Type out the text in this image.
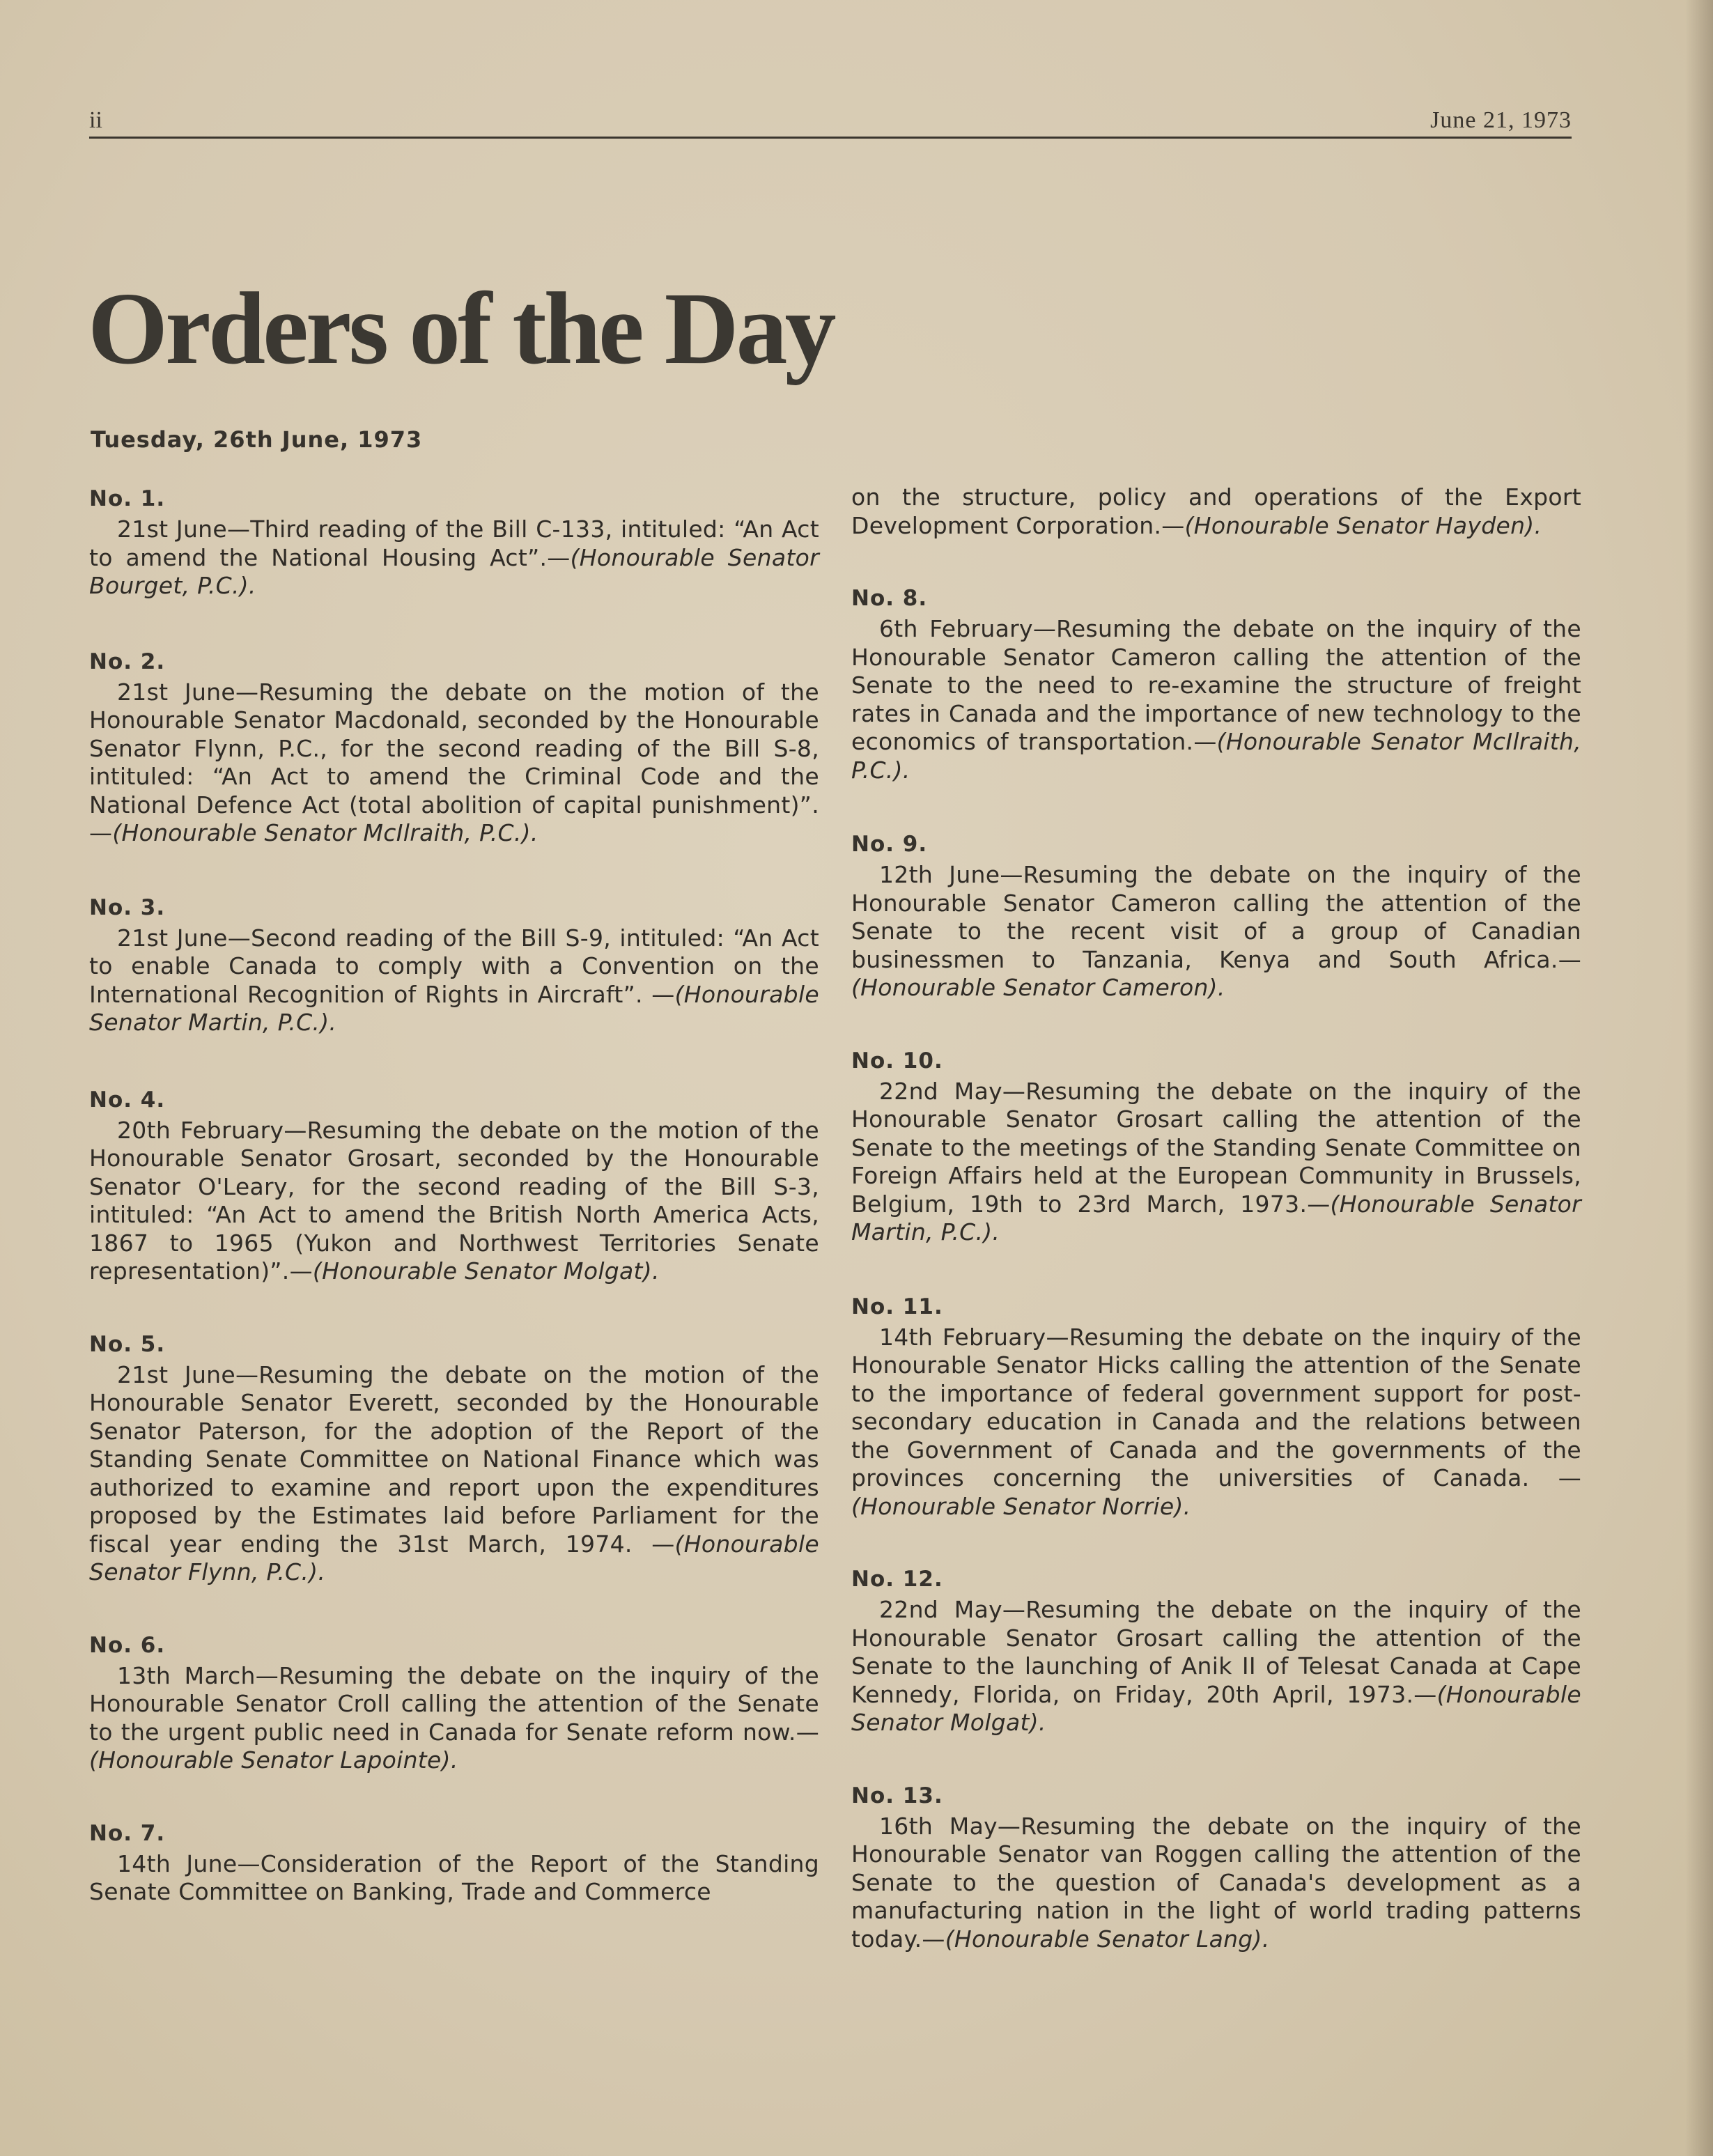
ii	June 21, 1973
Orders of the Day
Tuesday, 26th June, 1973
No. 1.
21st June—Third reading of the Bill C-133, intituled: “An Act to amend the National Housing Act”.—(Honourable Senator Bourget, P.C.).
No. 2.
21st June—Resuming the debate on the motion of the Honourable Senator Macdonald, seconded by the Honourable Senator Flynn, P.C., for the second reading of the Bill S-8, intituled: “An Act to amend the Criminal Code and the National Defence Act (total abolition of capital punishment)”.—(Honourable Senator McIlraith, P.C.).
No. 3.
21st June—Second reading of the Bill S-9, intituled: “An Act to enable Canada to comply with a Convention on the International Recognition of Rights in Aircraft”. —(Honourable Senator Martin, P.C.).
No. 4.
20th February—Resuming the debate on the motion of the Honourable Senator Grosart, seconded by the Honourable Senator O'Leary, for the second reading of the Bill S-3, intituled: “An Act to amend the British North America Acts, 1867 to 1965 (Yukon and Northwest Territories Senate representation)”.—(Honourable Senator Molgat).
No. 5.
21st June—Resuming the debate on the motion of the Honourable Senator Everett, seconded by the Honourable Senator Paterson, for the adoption of the Report of the Standing Senate Committee on National Finance which was authorized to examine and report upon the expenditures proposed by the Estimates laid before Parliament for the fiscal year ending the 31st March, 1974. —(Honourable Senator Flynn, P.C.).
No. 6.
13th March—Resuming the debate on the inquiry of the Honourable Senator Croll calling the attention of the Senate to the urgent public need in Canada for Senate reform now.—(Honourable Senator Lapointe).
No. 7.
14th June—Consideration of the Report of the Standing Senate Committee on Banking, Trade and Commerce
on the structure, policy and operations of the Export Development Corporation.—(Honourable Senator Hayden).
No. 8.
6th February—Resuming the debate on the inquiry of the Honourable Senator Cameron calling the attention of the Senate to the need to re-examine the structure of freight rates in Canada and the importance of new technology to the economics of transportation.—(Honourable Senator McIlraith, P.C.).
No. 9.
12th June—Resuming the debate on the inquiry of the Honourable Senator Cameron calling the attention of the Senate to the recent visit of a group of Canadian businessmen to Tanzania, Kenya and South Africa.—(Honourable Senator Cameron).
No. 10.
22nd May—Resuming the debate on the inquiry of the Honourable Senator Grosart calling the attention of the Senate to the meetings of the Standing Senate Committee on Foreign Affairs held at the European Community in Brussels, Belgium, 19th to 23rd March, 1973.—(Honourable Senator Martin, P.C.).
No. 11.
14th February—Resuming the debate on the inquiry of the Honourable Senator Hicks calling the attention of the Senate to the importance of federal government support for post-secondary education in Canada and the relations between the Government of Canada and the governments of the provinces concerning the universities of Canada. —(Honourable Senator Norrie).
No. 12.
22nd May—Resuming the debate on the inquiry of the Honourable Senator Grosart calling the attention of the Senate to the launching of Anik II of Telesat Canada at Cape Kennedy, Florida, on Friday, 20th April, 1973.—(Honourable Senator Molgat).
No. 13.
16th May—Resuming the debate on the inquiry of the Honourable Senator van Roggen calling the attention of the Senate to the question of Canada's development as a manufacturing nation in the light of world trading patterns today.—(Honourable Senator Lang).
